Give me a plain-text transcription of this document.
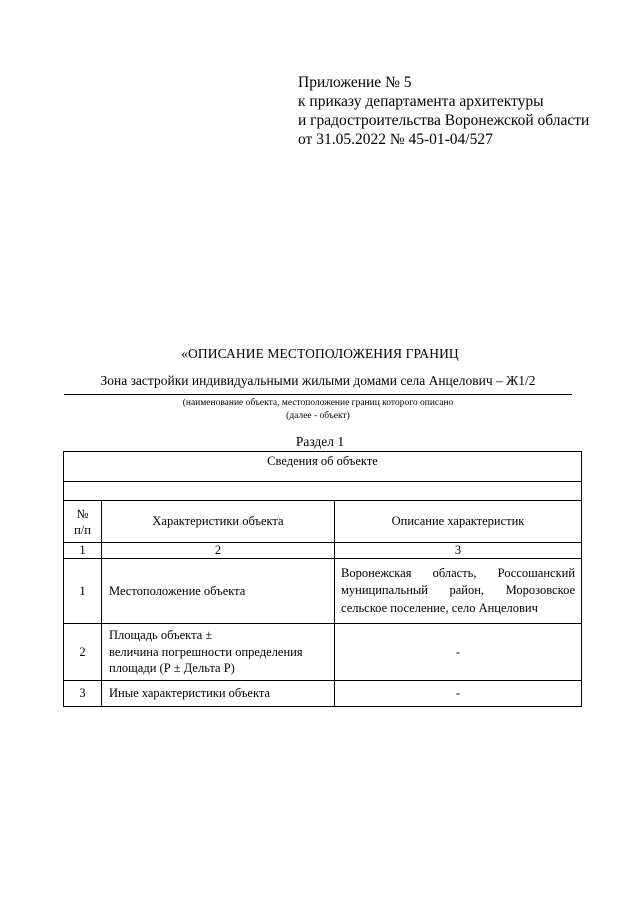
Приложение № 5
к приказу департамента архитектуры
и градостроительства Воронежской области
от 31.05.2022 № 45-01-04/527
«ОПИСАНИЕ МЕСТОПОЛОЖЕНИЯ ГРАНИЦ
Зона застройки индивидуальными жилыми домами села Анцелович – Ж1/2
(наименование объекта, местоположение границ которого описано
(далее - объект)
Раздел 1
Сведения об объекте		

№
п/п	Характеристики объекта	Описание характеристик
1	2	3
1	Местоположение объекта	Воронежская область, Россошанский муниципальный район, Морозовское сельское поселение, село Анцелович
2	Площадь объекта ±
величина погрешности определения
площади (Р ± Дельта Р)	-
3	Иные характеристики объекта	-
